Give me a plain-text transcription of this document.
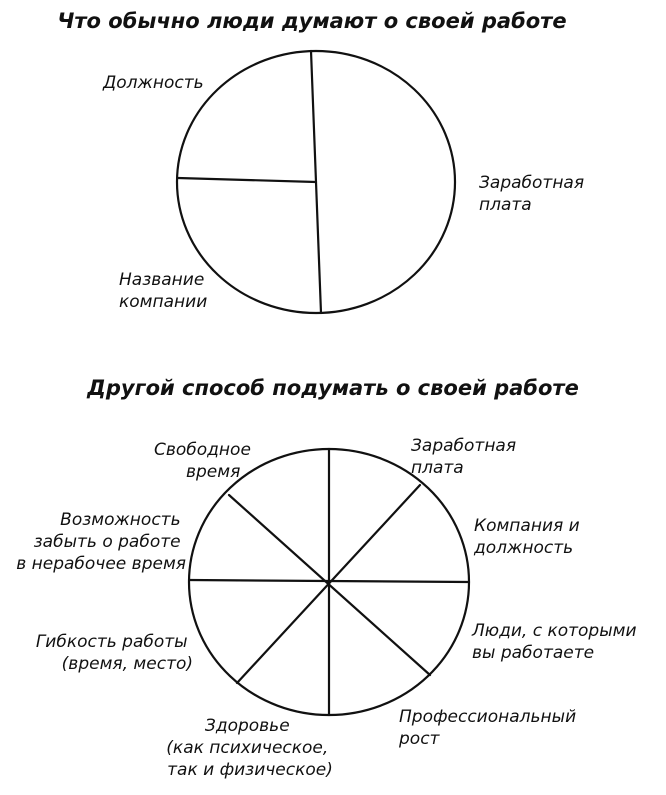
Что обычно люди думают о своей работе
Должность
Заработная плата
Название компании
Другой способ подумать о своей работе
Свободное время
Заработная плата
Возможность забыть о работе в нерабочее время
Компания и должность
Гибкость работы (время, место)
Люди, с которыми вы работаете
Профессиональный рост
Здоровье (как психическое, так и физическое)
